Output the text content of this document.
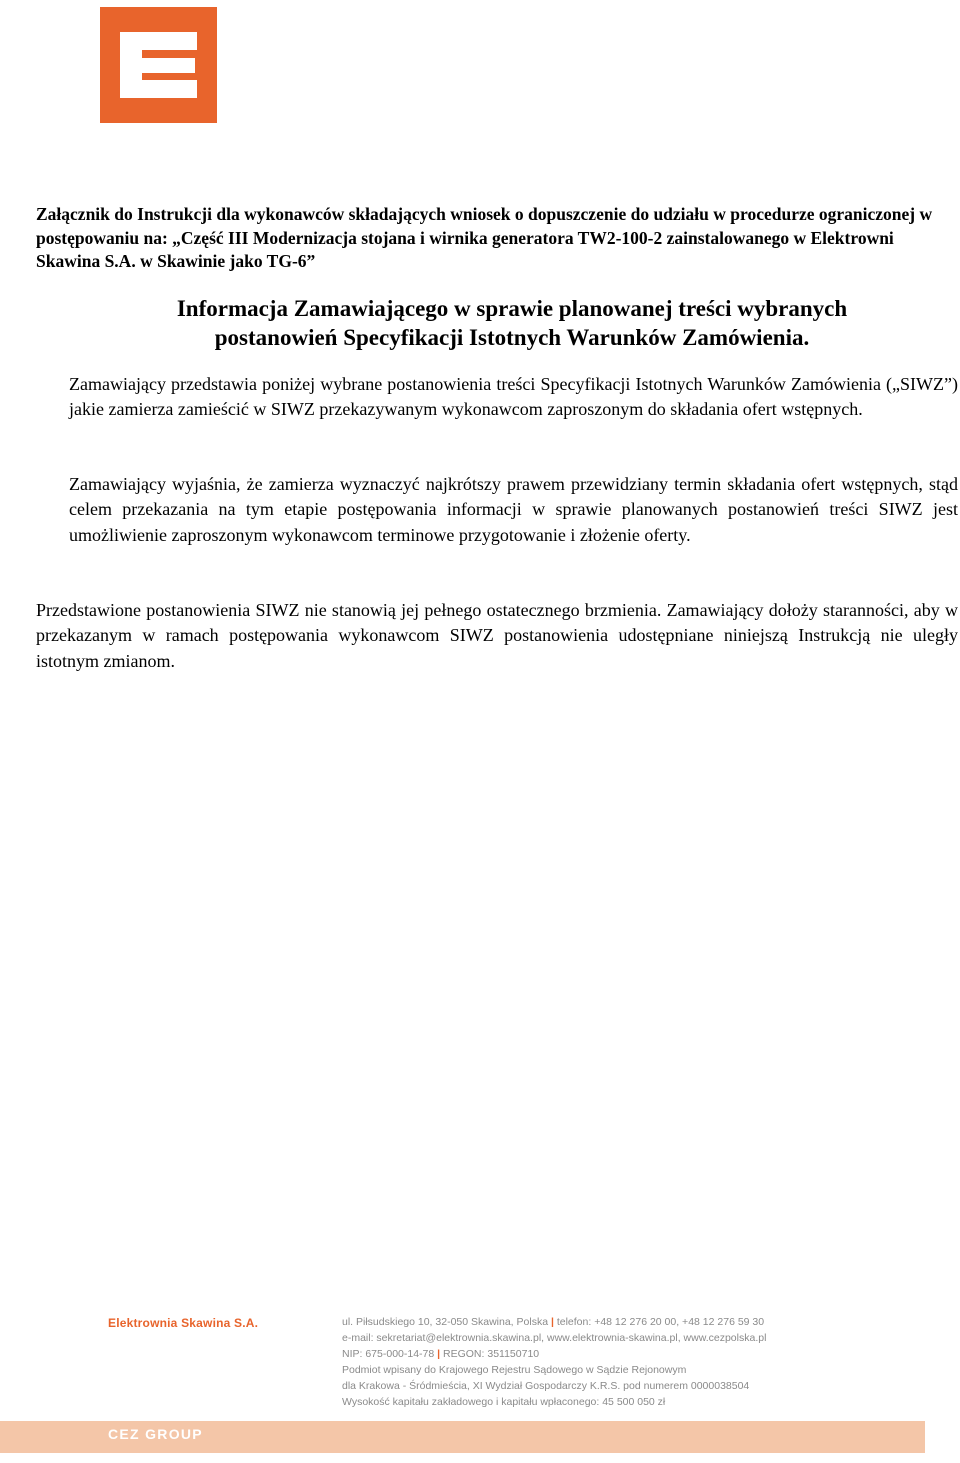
Załącznik do Instrukcji dla wykonawców składających wniosek o dopuszczenie do udziału w procedurze ograniczonej w postępowaniu na: „Część III Modernizacja stojana i wirnika generatora TW2-100-2 zainstalowanego w Elektrowni Skawina S.A. w Skawinie jako TG-6”
Informacja Zamawiającego w sprawie planowanej treści wybranych
postanowień Specyfikacji Istotnych Warunków Zamówienia.

Zamawiający przedstawia poniżej wybrane postanowienia treści Specyfikacji Istotnych Warunków Zamówienia („SIWZ”) jakie zamierza zamieścić w SIWZ przekazywanym wykonawcom zaproszonym do składania ofert wstępnych.

Zamawiający wyjaśnia, że zamierza wyznaczyć najkrótszy prawem przewidziany termin składania ofert wstępnych, stąd celem przekazania na tym etapie postępowania informacji w sprawie planowanych postanowień treści SIWZ jest umożliwienie zaproszonym wykonawcom terminowe przygotowanie i złożenie oferty.

Przedstawione postanowienia SIWZ nie stanowią jej pełnego ostatecznego brzmienia. Zamawiający dołoży staranności, aby w przekazanym w ramach postępowania wykonawcom SIWZ postanowienia udostępniane niniejszą Instrukcją nie uległy istotnym zmianom.

Elektrownia Skawina S.A.	ul. Piłsudskiego 10, 32-050 Skawina, Polska | telefon: +48 12 276 20 00, +48 12 276 59 30
e-mail: sekretariat@elektrownia.skawina.pl, www.elektrownia-skawina.pl, www.cezpolska.pl
NIP: 675-000-14-78 | REGON: 351150710
Podmiot wpisany do Krajowego Rejestru Sądowego w Sądzie Rejonowym
dla Krakowa - Śródmieścia, XI Wydział Gospodarczy K.R.S. pod numerem 0000038504
Wysokość kapitału zakładowego i kapitału wpłaconego: 45 500 050 zł
CEZ GROUP
